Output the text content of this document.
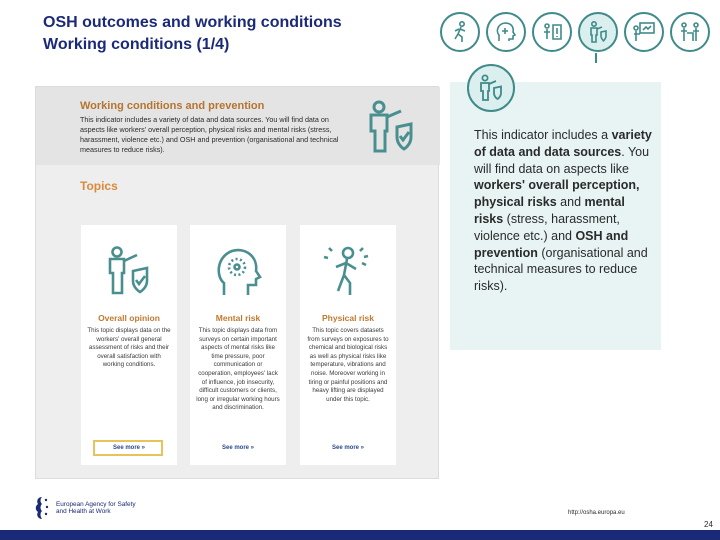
OSH outcomes and working conditions
Working conditions (1/4)
Working conditions and prevention
This indicator includes a variety of data and data sources. You will find data on aspects like workers' overall perception, physical risks and mental risks (stress, harassment, violence etc.) and OSH and prevention (organisational and technical measures to reduce risks).
Topics
Overall opinion
This topic displays data on the workers' overall general assessment of risks and their overall satisfaction with working conditions.
See more »
Mental risk
This topic displays data from surveys on certain important aspects of mental risks like time pressure, poor communication or cooperation, employees' lack of influence, job insecurity, difficult customers or clients, long or irregular working hours and discrimination.
See more »
Physical risk
This topic covers datasets from surveys on exposures to chemical and biological risks as well as physical risks like temperature, vibrations and noise. Moreover working in tiring or painful positions and heavy lifting are displayed under this topic.
See more »
This indicator includes a variety of data and data sources. You will find data on aspects like workers' overall perception, physical risks and mental risks (stress, harassment, violence etc.) and OSH and prevention (organisational and technical measures to reduce risks).
European Agency for Safety and Health at Work	http://osha.europa.eu
24
